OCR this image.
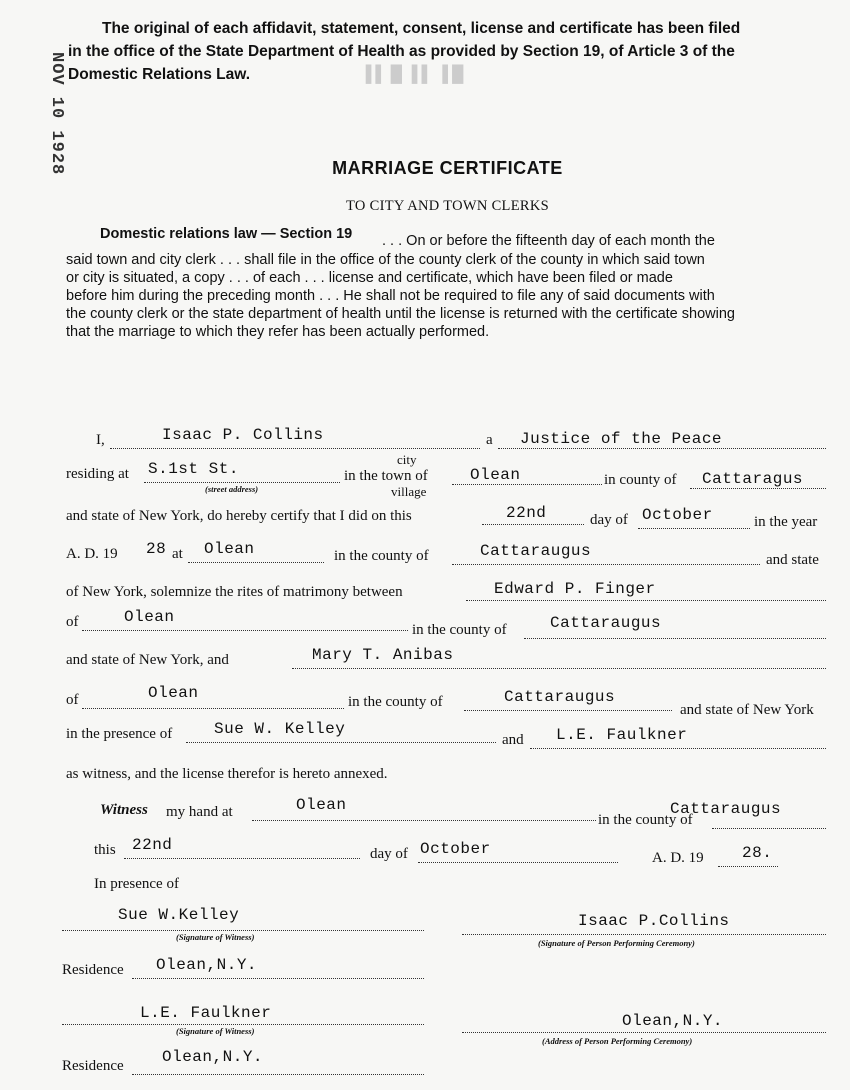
The original of each affidavit, statement, consent, license and certificate has been filed
in the office of the State Department of Health as provided by Section 19, of Article 3 of the
Domestic Relations Law.	█ ▌ ▐ ▌ █ ▐ ▌
NOV 10 1928	MARRIAGE CERTIFICATE
TO CITY AND TOWN CLERKS
Domestic relations law — Section 19 . . . On or before the fifteenth day of each month the
said town and city clerk . . . shall file in the office of the county clerk of the county in which said town
or city is situated, a copy . . . of each . . . license and certificate, which have been filed or made
before him during the preceding month . . . He shall not be required to file any of said documents with
the county clerk or the state department of health until the license is returned with the certificate showing
that the marriage to which they refer has been actually performed.
I,	Isaac P. Collins	a Justice of the Peace
residing at S.1st St.
(street address)
city
in the town of
village
Olean	in county of Cattaragus
and state of New York, do hereby certify that I did on this	22nd	day of October	in the year
A. D. 19 28 at Olean	in the county of	Cattaraugus	and state
of New York, solemnize the rites of matrimony between	Edward P. Finger
of	Olean
in the county of	Cattaraugus
and state of New York, and	Mary T. Anibas
of	Olean	in the county of	Cattaraugus
and state of New York
in the presence of	Sue W. Kelley
and L.E. Faulkner
as witness, and the license therefor is hereto annexed.
Witness my hand at	Olean
in the county of
Cattaraugus
this 22nd	day of October	A. D. 19 28.
In presence of
Sue W.Kelley
(Signature of Witness)
Isaac P.Collins
(Signature of Person Performing Ceremony)
Residence Olean,N.Y.
L.E. Faulkner
(Signature of Witness)
Olean,N.Y.
(Address of Person Performing Ceremony)
Residence Olean,N.Y.
